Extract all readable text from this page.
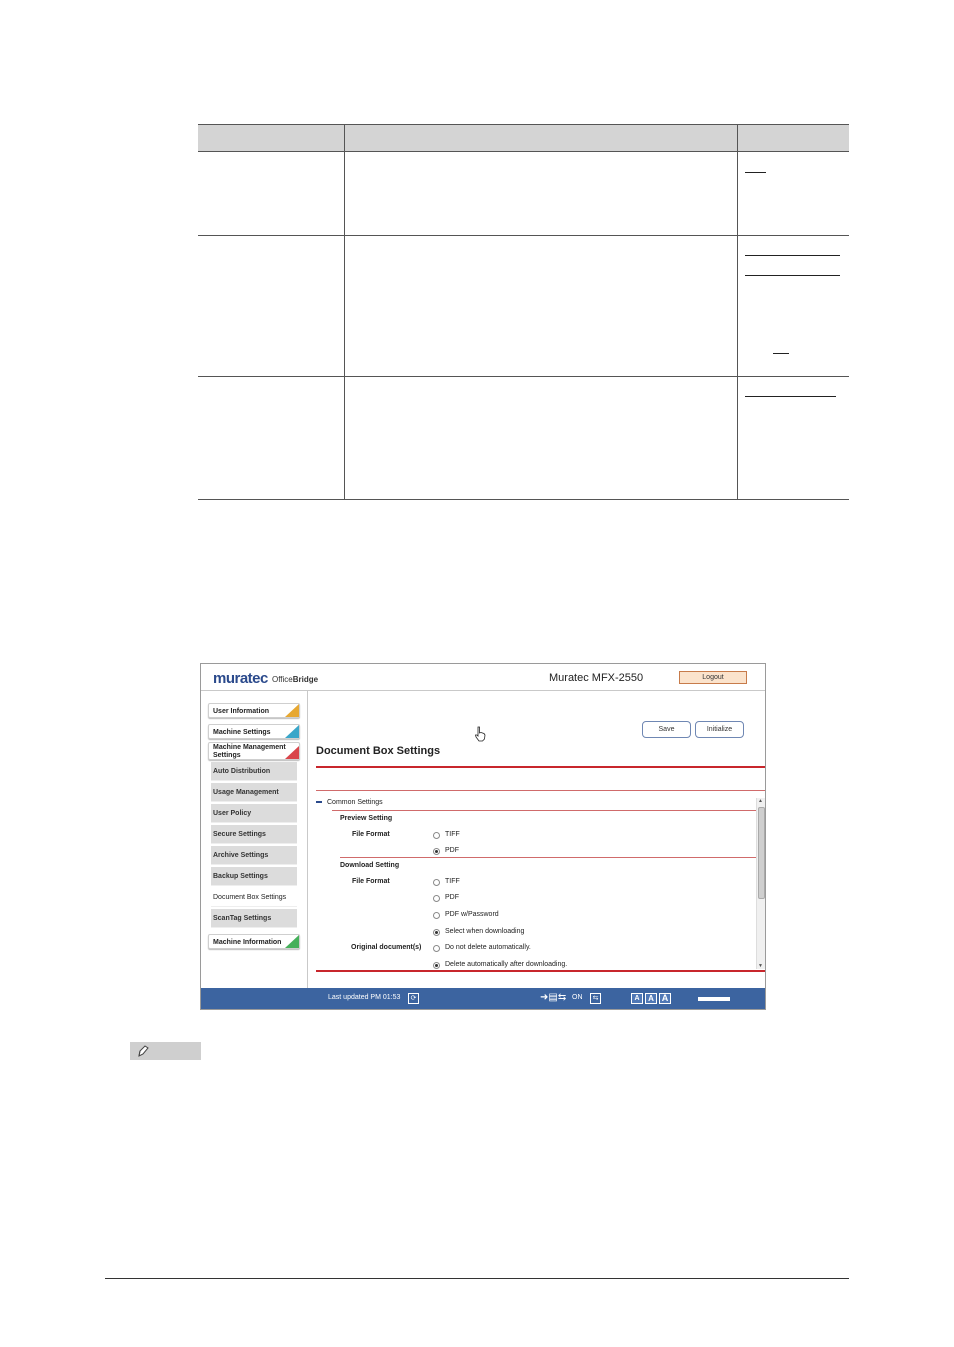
muratec OfficeBridge	Muratec MFX-2550	Logout
User Information
Machine Settings
Machine Management Settings
Auto Distribution
Usage Management
User Policy
Secure Settings
Archive Settings
Backup Settings
Document Box Settings
ScanTag Settings
Machine Information
Save	Initialize
Document Box Settings
Common Settings
Preview Setting
File Format	TIFF
PDF
Download Setting
File Format	TIFF
PDF
PDF w/Password
Select when downloading
Original document(s)	Do not delete automatically.
Delete automatically after downloading.
▲
▼
Last updated PM 01:53	⟳	➜▤⇆ ON	⇆	A	A A
